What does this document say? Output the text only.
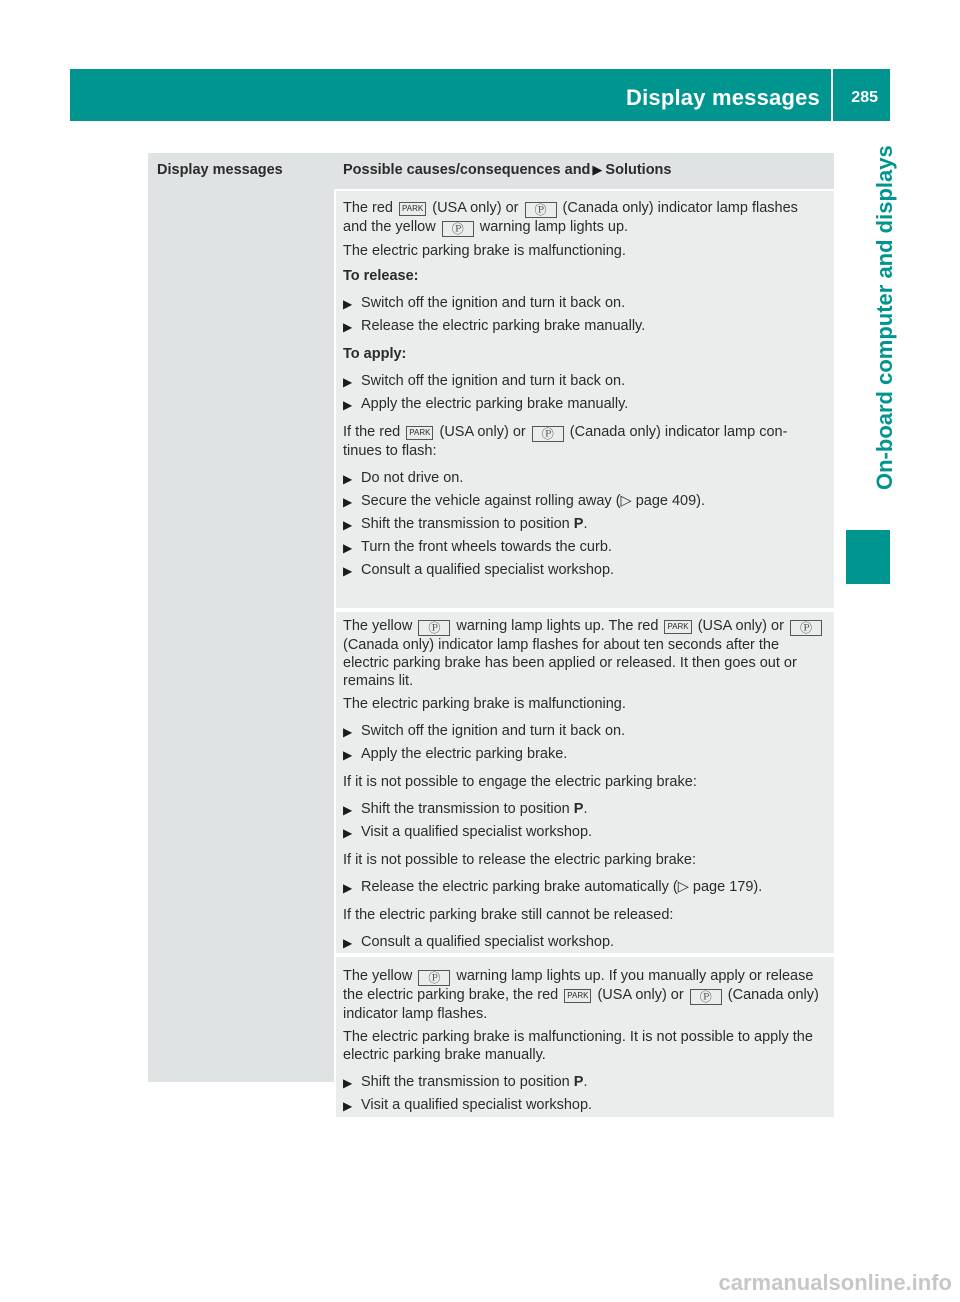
Display messages 285
On-board computer and displays
Display messages	Possible causes/consequences and ▶ Solutions

The red PARK (USA only) or Ⓟ (Canada only) indicator lamp flashes and the yellow Ⓟ warning lamp lights up.

The electric parking brake is malfunctioning.

To release:

▶ Switch off the ignition and turn it back on.

▶ Release the electric parking brake manually.

To apply:

▶ Switch off the ignition and turn it back on.

▶ Apply the electric parking brake manually.

If the red PARK (USA only) or Ⓟ (Canada only) indicator lamp con-tinues to flash:

▶ Do not drive on.

▶ Secure the vehicle against rolling away (▷ page 409).

▶ Shift the transmission to position P.

▶ Turn the front wheels towards the curb.

▶ Consult a qualified specialist workshop.

The yellow Ⓟ warning lamp lights up. The red PARK (USA only) or Ⓟ (Canada only) indicator lamp flashes for about ten seconds after the electric parking brake has been applied or released. It then goes out or remains lit.

The electric parking brake is malfunctioning.

▶ Switch off the ignition and turn it back on.

▶ Apply the electric parking brake.

If it is not possible to engage the electric parking brake:

▶ Shift the transmission to position P.

▶ Visit a qualified specialist workshop.

If it is not possible to release the electric parking brake:

▶ Release the electric parking brake automatically (▷ page 179).

If the electric parking brake still cannot be released:

▶ Consult a qualified specialist workshop.

The yellow Ⓟ warning lamp lights up. If you manually apply or release the electric parking brake, the red PARK (USA only) or Ⓟ (Canada only) indicator lamp flashes.

The electric parking brake is malfunctioning. It is not possible to apply the electric parking brake manually.

▶ Shift the transmission to position P.

▶ Visit a qualified specialist workshop.

carmanualsonline.info
